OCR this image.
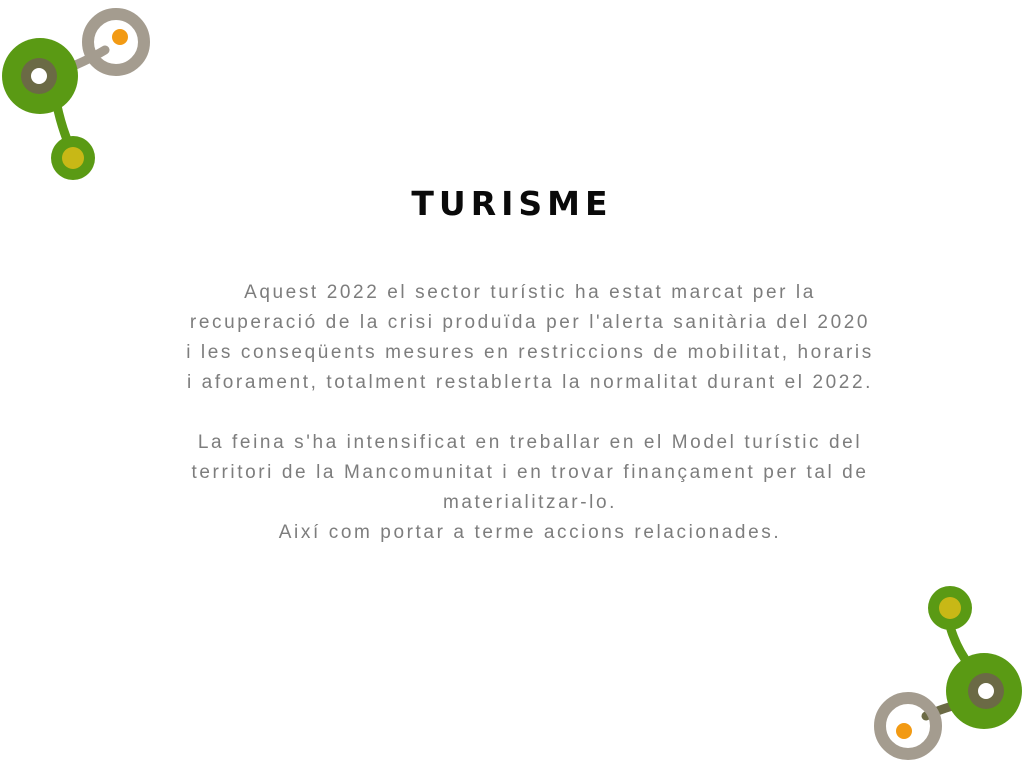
TURISME

Aquest 2022 el sector turístic ha estat marcat per la

recuperació de la crisi produïda per l'alerta sanitària del 2020

i les conseqüents mesures en restriccions de mobilitat, horaris

i aforament, totalment restablerta la normalitat durant el 2022.

La feina s'ha intensificat en treballar en el Model turístic del

territori de la Mancomunitat i en trovar finançament per tal de

materialitzar-lo.

Així com portar a terme accions relacionades.
